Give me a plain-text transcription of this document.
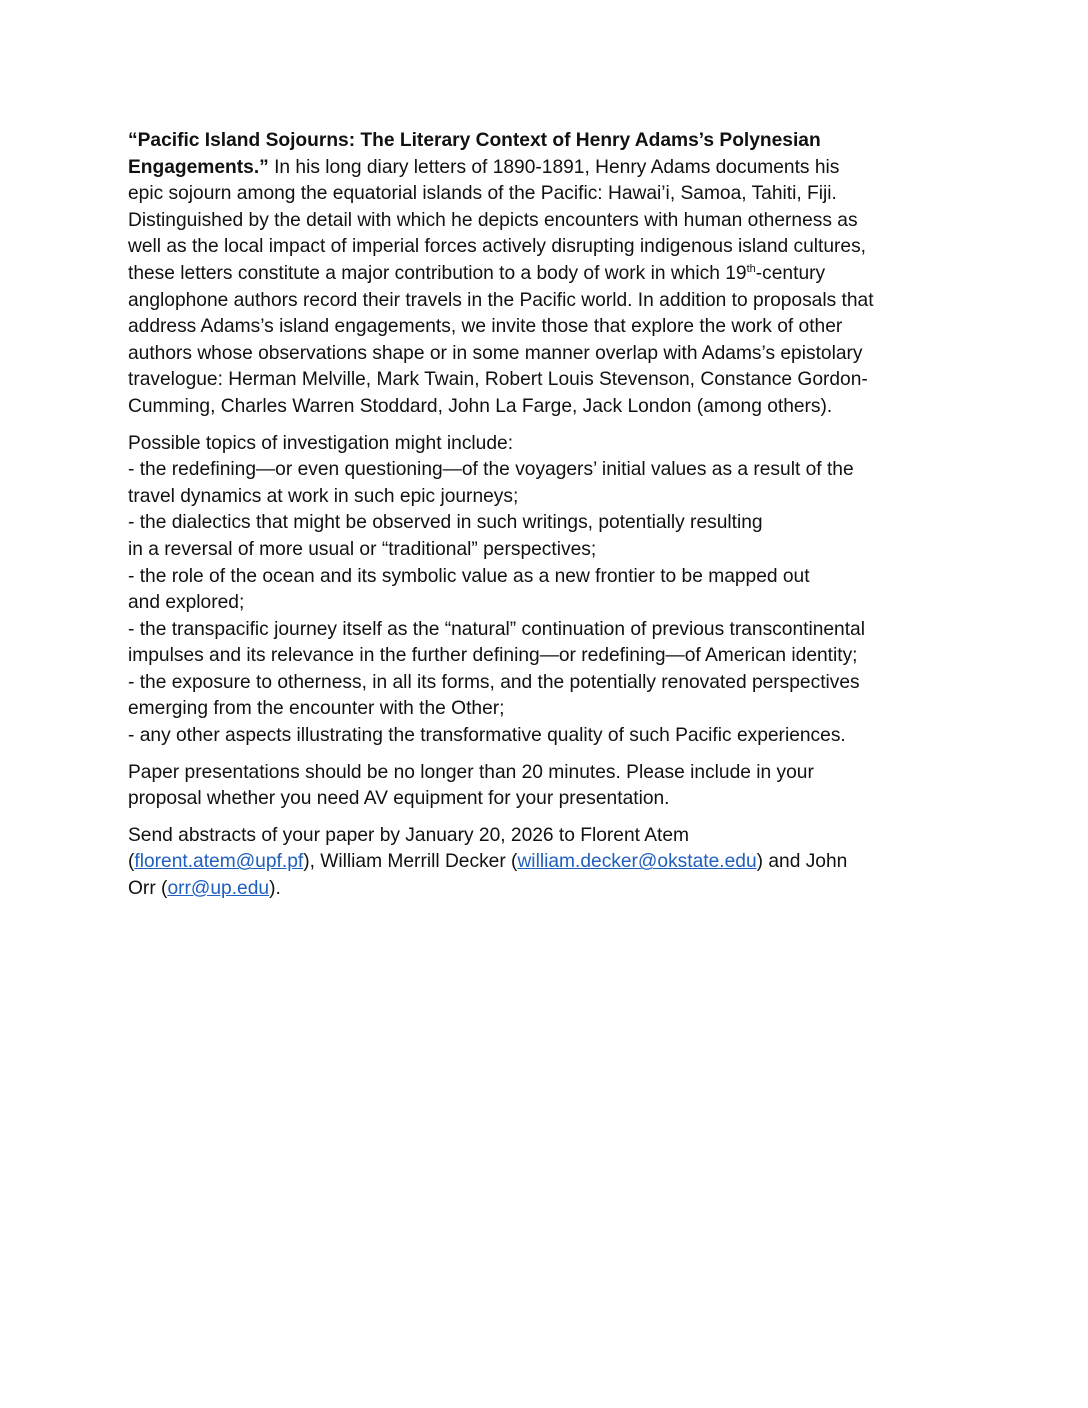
“Pacific Island Sojourns: The Literary Context of Henry Adams’s Polynesian
Engagements.” In his long diary letters of 1890-1891, Henry Adams documents his
epic sojourn among the equatorial islands of the Pacific: Hawai’i, Samoa, Tahiti, Fiji.
Distinguished by the detail with which he depicts encounters with human otherness as
well as the local impact of imperial forces actively disrupting indigenous island cultures,
these letters constitute a major contribution to a body of work in which 19th-century
anglophone authors record their travels in the Pacific world. In addition to proposals that
address Adams’s island engagements, we invite those that explore the work of other
authors whose observations shape or in some manner overlap with Adams’s epistolary
travelogue: Herman Melville, Mark Twain, Robert Louis Stevenson, Constance Gordon-
Cumming, Charles Warren Stoddard, John La Farge, Jack London (among others).

Possible topics of investigation might include:
- the redefining—or even questioning—of the voyagers’ initial values as a result of the
travel dynamics at work in such epic journeys;
- the dialectics that might be observed in such writings, potentially resulting
in a reversal of more usual or “traditional” perspectives;
- the role of the ocean and its symbolic value as a new frontier to be mapped out
and explored;
- the transpacific journey itself as the “natural” continuation of previous transcontinental
impulses and its relevance in the further defining—or redefining—of American identity;
- the exposure to otherness, in all its forms, and the potentially renovated perspectives
emerging from the encounter with the Other;
- any other aspects illustrating the transformative quality of such Pacific experiences.

Paper presentations should be no longer than 20 minutes. Please include in your
proposal whether you need AV equipment for your presentation.

Send abstracts of your paper by January 20, 2026 to Florent Atem
(florent.atem@upf.pf), William Merrill Decker (william.decker@okstate.edu) and John
Orr (orr@up.edu).
